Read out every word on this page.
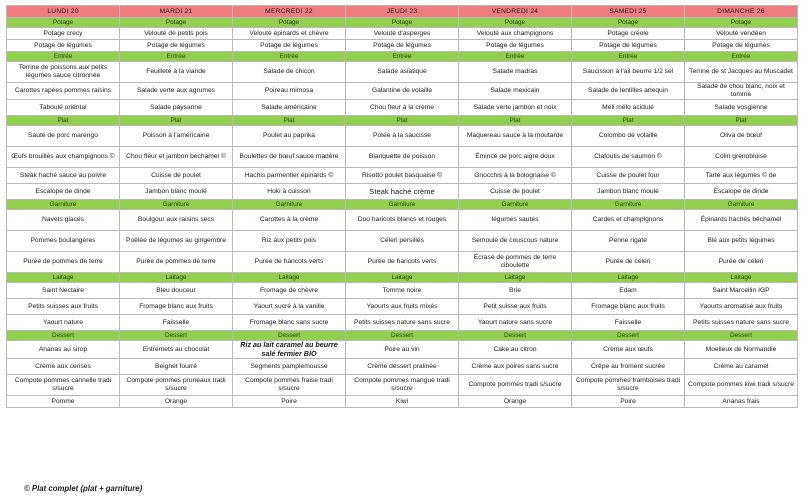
LUNDI 20	MARDI 21	MERCREDI 22	JEUDI 23	VENDREDI 24	SAMEDI 25	DIMANCHE 26
Potage	Potage	Potage	Potage	Potage	Potage	Potage
Potage crecy	Velouté de petits pois	Velouté épinards et chèvre	Velouté d'asperges	Velouté aux champignons	Potage créole	Velouté vendéen
Potage de légumes	Potage de légumes	Potage de légumes	Potage de légumes	Potage de légumes	Potage de légumes	Potage de légumes
Entrée	Entrée	Entrée	Entrée	Entrée	Entrée	Entrée
Terrine de poissons aux petits légumes sauce citronnée	Feuilleté à la viande	Salade de chicon	Salade asiatique	Salade madras	Saucisson à l'ail beurre 1/2 sel	Terrine de st Jacques au Muscadet
Carottes rapées pommes raisins	Salade verte aux agrumes	Poireau mimosa	Galantine de volaille	Salade mexicain	Salade de lentilles arlequin	Salade de chou blanc, noix et tomme
Taboulé oriental	Salade paysanne	Salade américaine	Chou fleur à la crème	Salade verte jambon et noix	Méli mélo acidulé	Salade vosgienne
Plat	Plat	Plat	Plat	Plat	Plat	Plat
Sauté de porc marengo	Poisson à l'américaine	Poulet au paprika	Potée à la saucisse	Maquereau sauce à la moutarde	Colombo de volaille	Oliva de bœuf
Œufs brouillés aux champignons ©	Chou fleur et jambon béchamel ©	Boulettes de bœuf sauce madère	Blanquette de poisson	Émincé de porc aigre doux	Clafoutis de saumon ©	Colin grenobloise
Steak haché sauce au poivre	Cuisse de poulet	Hachis parmentier épinards ©	Risotto poulet basquaise ©	Gnocchis à la bolognaise ©	Cuisse de poulet four	Tarte aux légumes © de
Escalope de dinde	Jambon blanc moulé	Hoki à cuisson	Steak haché crème	Cuisse de poulet	Jambon blanc moulé	Escalope de dinde
Garniture	Garniture	Garniture	Garniture	Garniture	Garniture	Garniture
Navets glacés	Boulgour aux raisins secs	Carottes à la crème	Duo haricots blancs et rouges	légumes sautés	Cardes et champignons	Épinards hachés béchamel
Pommes boulangères	Poêlée de légumes au gingembre	Riz aux petits pois	Céleri persillés	Semoule de couscous nature	Penne rigate	Blé aux petits légumes
Purée de pommes de terre	Purée de pommes de terre	Purée de haricots verts	Purée de haricots verts	Écrasé de pommes de terre ciboulette	Purée de céleri	Purée de céleri
Laitage	Laitage	Laitage	Laitage	Laitage	Laitage	Laitage
Saint Nectaire	Bleu douceur	Fromage de chèvre	Tomme noire	Brie	Edam	Saint Marcellin IGP
Petits suisses aux fruits	Fromage blanc aux fruits	Yaourt sucré à la vanille	Yaourts aux fruits mixés	Petit suisse aux fruits	Fromage blanc aux fruits	Yaourts aromatisé aux fruits
Yaourt nature	Faisselle	Fromage blanc sans sucre	Petits suisses nature sans sucre	Yaourt nature sans sucre	Faisselle	Petits suisses nature sans sucre
Dessert	Dessert	Dessert	Dessert	Dessert	Dessert	Dessert
Ananas au sirop	Entremets au chocolat	Riz au lait caramel au beurre salé fermier BIO	Poire au vin	Cake au citron	Crème aux œufs	Moelleux de Normandie
Crème aux cerises	Beignet fourré	Segments pamplemousse	Crème dessert pralinée	Crème aux poires sans sucre	Crêpe au froment sucrée	Crème au caramel
Compote pommes cannelle tradi s/sucre	Compote pommes pruneaux tradi s/sucre	Compote pommes fraise tradi s/sucre	Compote pommes mangue tradi s/sucre	Compote pommes tradi s/sucre	Compote pommes framboises tradi s/sucre	Compote pommes kiwi tradi s/sucre
Pomme	Orange	Poire	Kiwi	Orange	Poire	Ananas frais
© Plat complet (plat + garniture)
